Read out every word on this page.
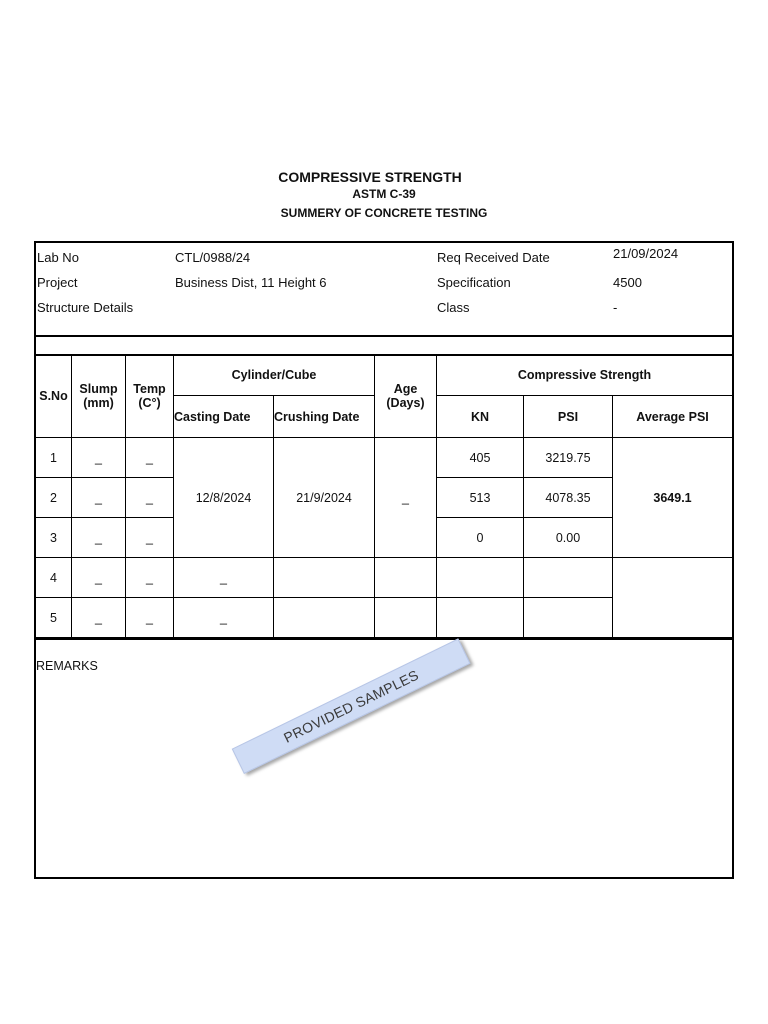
COMPRESSIVE STRENGTH
ASTM C-39
SUMMERY OF CONCRETE TESTING
Lab No	CTL/0988/24
Project	Business Dist, 11 Height 6
Structure Details
Req Received Date	21/09/2024
Specification	4500
Class	-
S.No	Slump (mm)	Temp (C°)	Cylinder/Cube		Age (Days)	Compressive Strength		
			Casting Date	Crushing Date		KN	PSI	Average PSI
1	_	_	12/8/2024	21/9/2024	_	405	3219.75	3649.1
2	_	_				513	4078.35	
3	_	_				0	0.00	
4	_	_	_					
5	_	_	_					
REMARKS
PROVIDED SAMPLES
